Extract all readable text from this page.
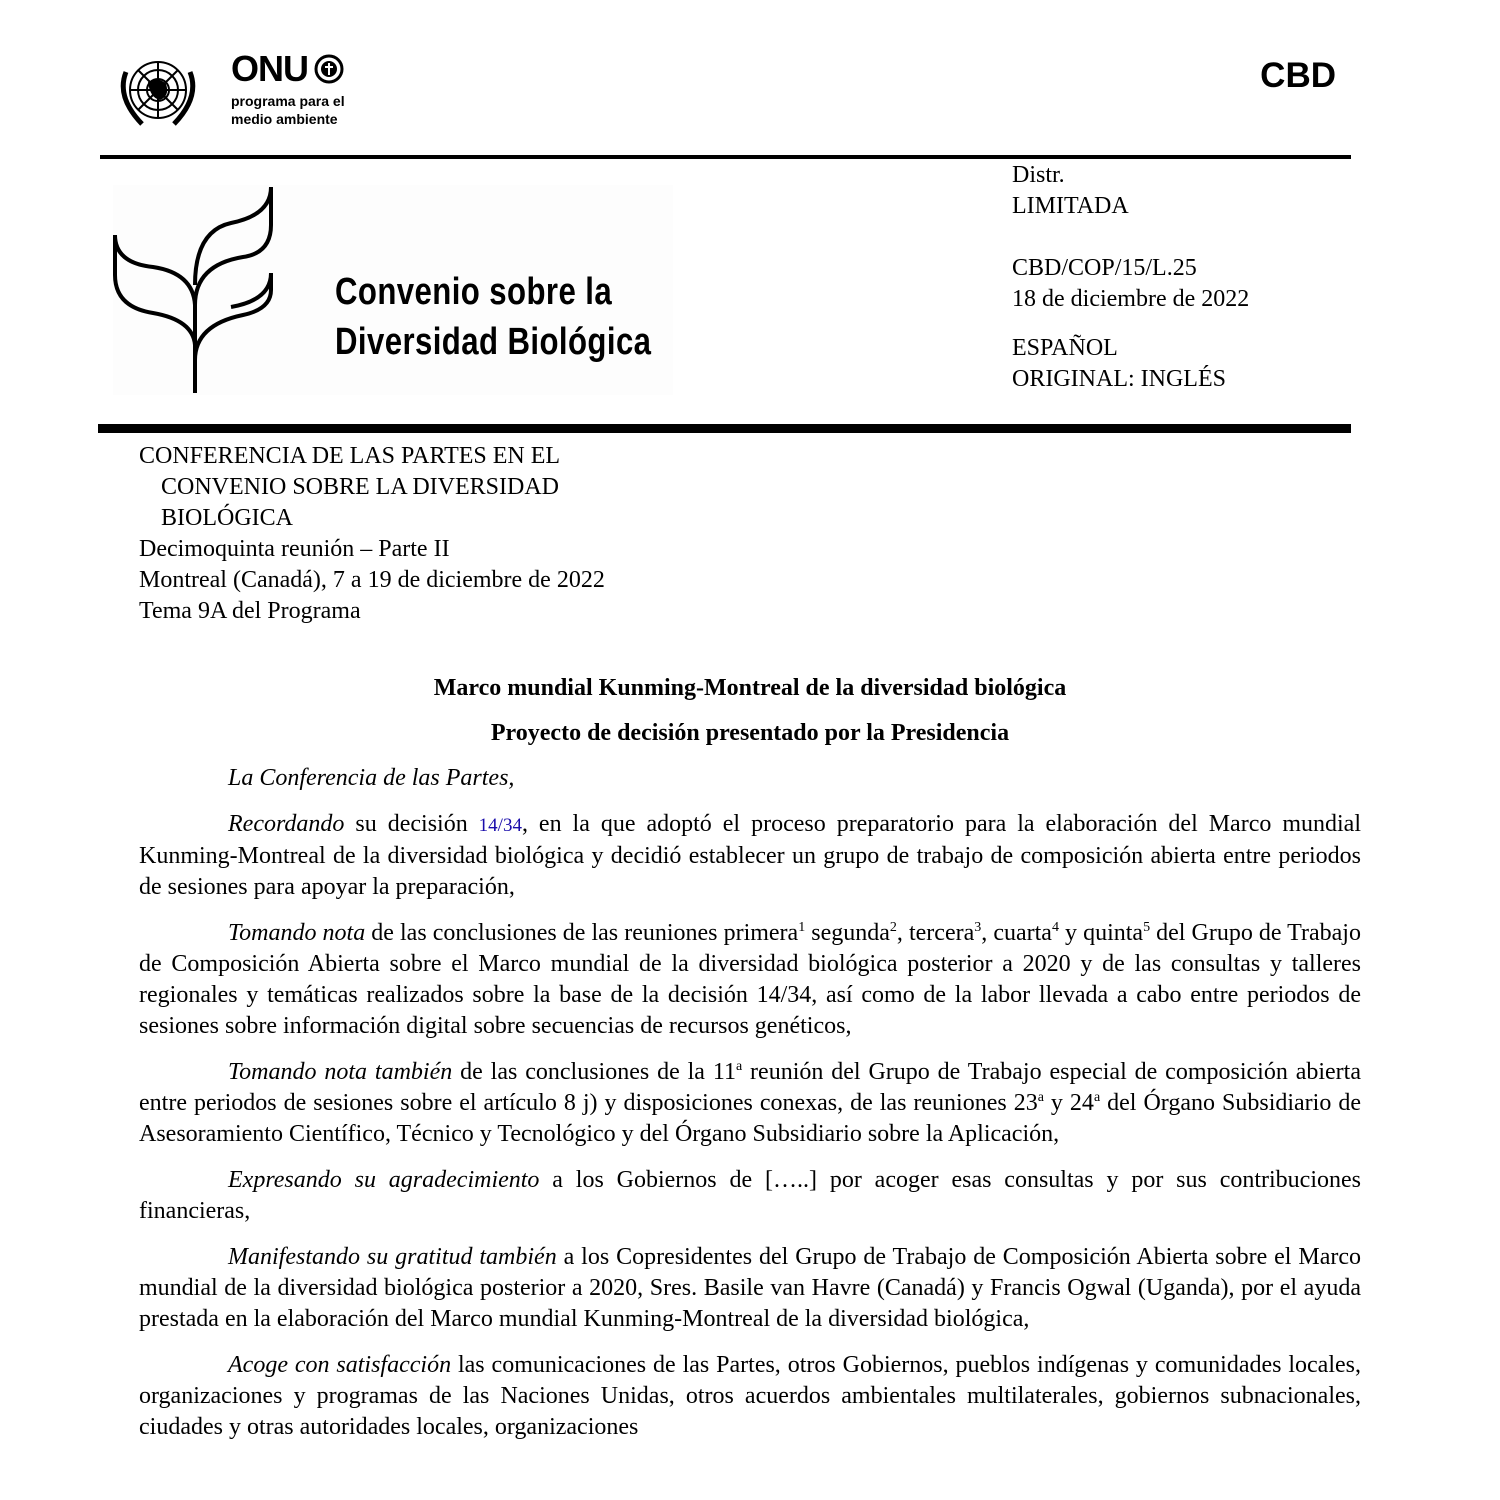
ONU
programa para el
medio ambiente
CBD
Convenio sobre la
Diversidad Biológica
Distr.
LIMITADA
CBD/COP/15/L.25
18 de diciembre de 2022
ESPAÑOL
ORIGINAL: INGLÉS
CONFERENCIA DE LAS PARTES EN EL
CONVENIO SOBRE LA DIVERSIDAD
BIOLÓGICA
Decimoquinta reunión – Parte II
Montreal (Canadá), 7 a 19 de diciembre de 2022
Tema 9A del Programa
Marco mundial Kunming-Montreal de la diversidad biológica
Proyecto de decisión presentado por la Presidencia

La Conferencia de las Partes,

Recordando su decisión 14/34, en la que adoptó el proceso preparatorio para la elaboración del Marco mundial Kunming-Montreal de la diversidad biológica y decidió establecer un grupo de trabajo de composición abierta entre periodos de sesiones para apoyar la preparación,

Tomando nota de las conclusiones de las reuniones primera$^1$ segunda$^2$, tercera$^3$, cuarta$^4$ y quinta$^5$ del Grupo de Trabajo de Composición Abierta sobre el Marco mundial de la diversidad biológica posterior a 2020 y de las consultas y talleres regionales y temáticas realizados sobre la base de la decisión 14/34, así como de la labor llevada a cabo entre periodos de sesiones sobre información digital sobre secuencias de recursos genéticos,

Tomando nota también de las conclusiones de la 11$^a$ reunión del Grupo de Trabajo especial de composición abierta entre periodos de sesiones sobre el artículo 8 j) y disposiciones conexas, de las reuniones 23$^a$ y 24$^a$ del Órgano Subsidiario de Asesoramiento Científico, Técnico y Tecnológico y del Órgano Subsidiario sobre la Aplicación,

Expresando su agradecimiento a los Gobiernos de […..] por acoger esas consultas y por sus contribuciones financieras,

Manifestando su gratitud también a los Copresidentes del Grupo de Trabajo de Composición Abierta sobre el Marco mundial de la diversidad biológica posterior a 2020, Sres. Basile van Havre (Canadá) y Francis Ogwal (Uganda), por el ayuda prestada en la elaboración del Marco mundial Kunming-Montreal de la diversidad biológica,

Acoge con satisfacción las comunicaciones de las Partes, otros Gobiernos, pueblos indígenas y comunidades locales, organizaciones y programas de las Naciones Unidas, otros acuerdos ambientales multilaterales, gobiernos subnacionales, ciudades y otras autoridades locales, organizaciones
